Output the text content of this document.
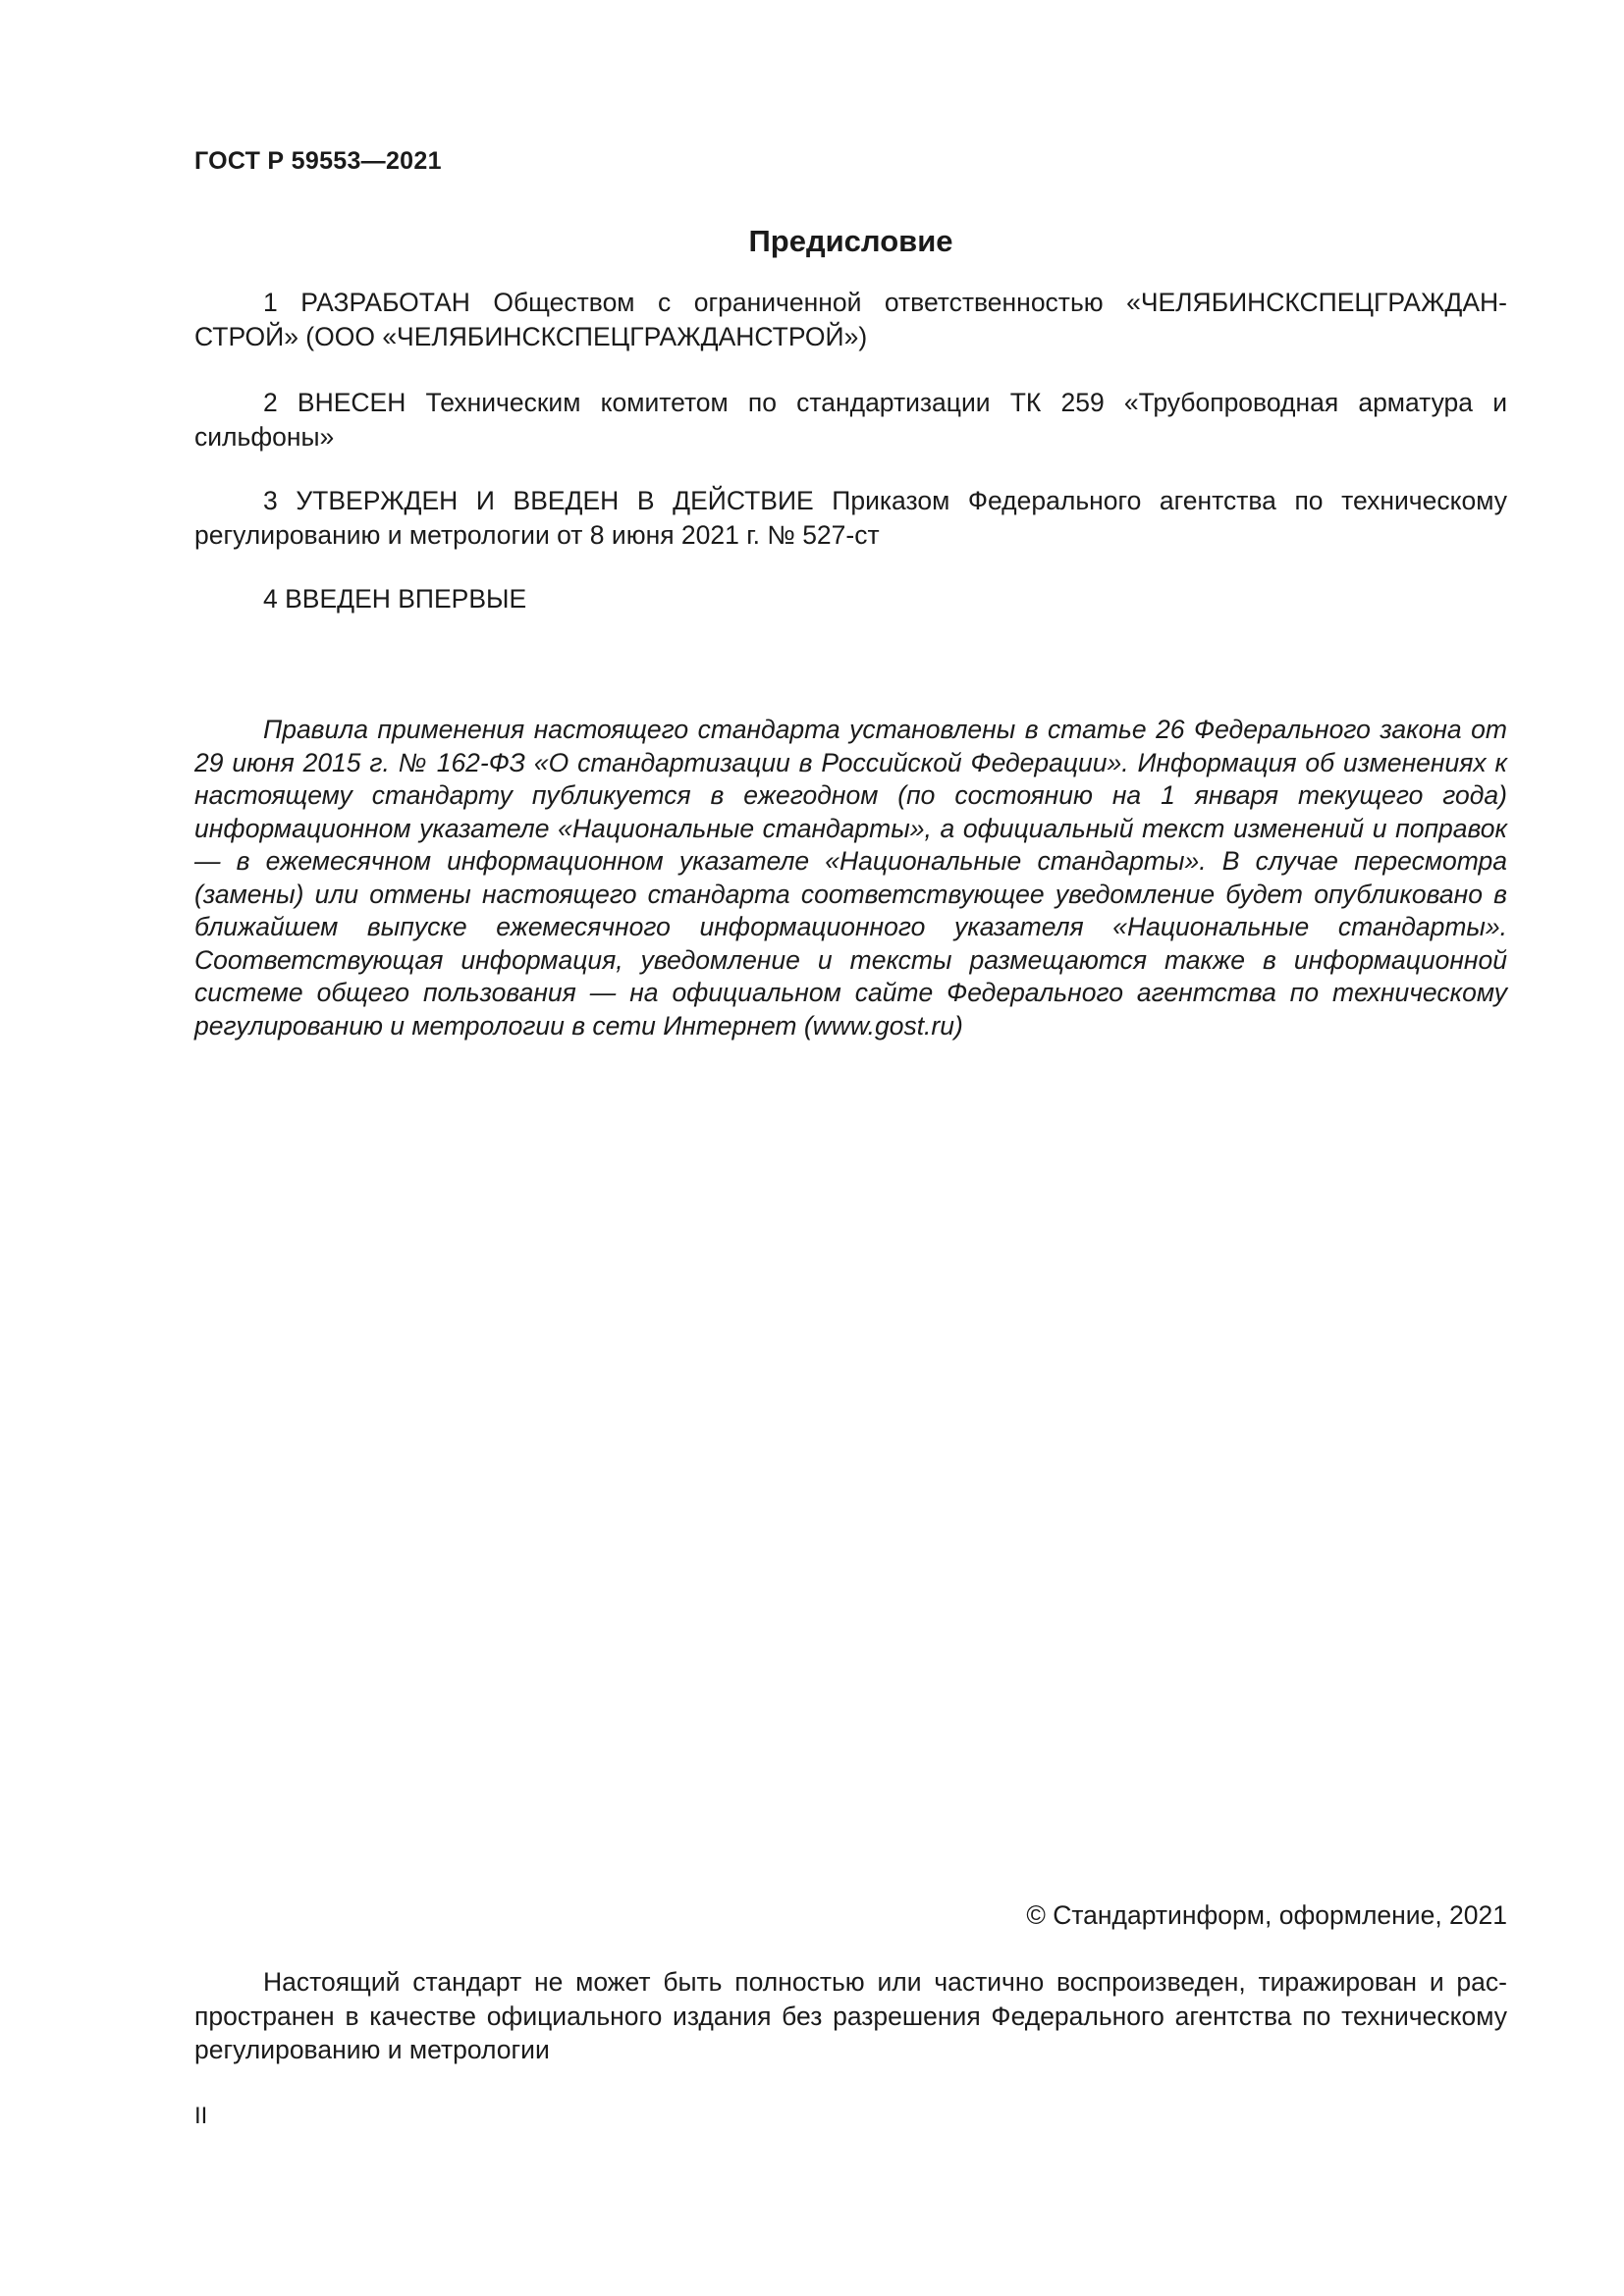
ГОСТ Р 59553—2021
Предисловие

1 РАЗРАБОТАН Обществом с ограниченной ответственностью «ЧЕЛЯБИНСКСПЕЦГРАЖДАНСТРОЙ» (ООО «ЧЕЛЯБИНСКСПЕЦГРАЖДАНСТРОЙ»)

2 ВНЕСЕН Техническим комитетом по стандартизации ТК 259 «Трубопроводная арматура и сильфоны»

3 УТВЕРЖДЕН И ВВЕДЕН В ДЕЙСТВИЕ Приказом Федерального агентства по техническому регулированию и метрологии от 8 июня 2021 г. № 527-ст

4 ВВЕДЕН ВПЕРВЫЕ

Правила применения настоящего стандарта установлены в статье 26 Федерального закона от 29 июня 2015 г. № 162-ФЗ «О стандартизации в Российской Федерации». Информация об изменениях к настоящему стандарту публикуется в ежегодном (по состоянию на 1 января текущего года) информационном указателе «Национальные стандарты», а официальный текст изменений и поправок — в ежемесячном информационном указателе «Национальные стандарты». В случае пересмотра (замены) или отмены настоящего стандарта соответствующее уведомление будет опубликовано в ближайшем выпуске ежемесячного информационного указателя «Национальные стандарты». Соответствующая информация, уведомление и тексты размещаются также в информационной системе общего пользования — на официальном сайте Федерального агентства по техническому регулированию и метрологии в сети Интернет (www.gost.ru)

© Стандартинформ, оформление, 2021

Настоящий стандарт не может быть полностью или частично воспроизведен, тиражирован и распространен в качестве официального издания без разрешения Федерального агентства по техническому регулированию и метрологии

II
